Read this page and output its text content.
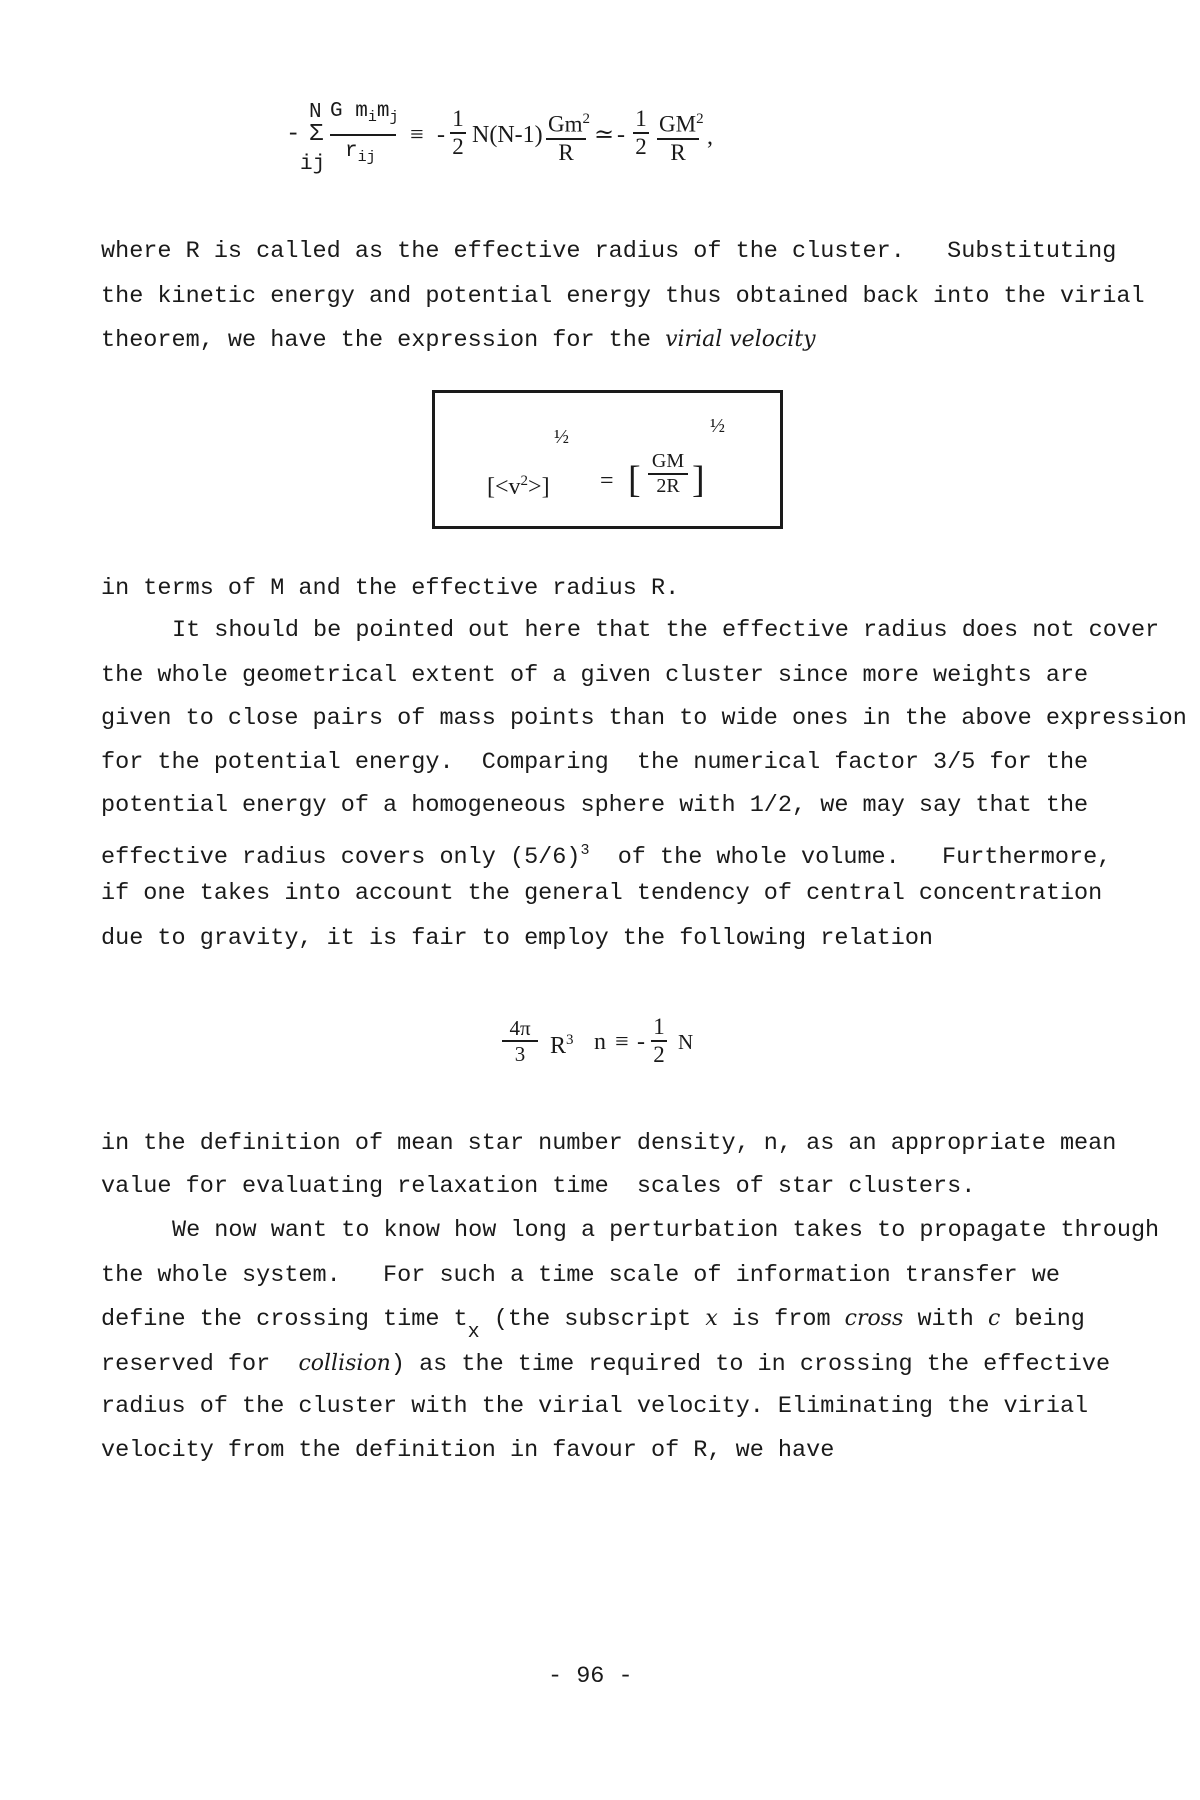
- Σ
N
ij
G $m_im_j$
$r_{ij}$
≡ - $\frac{1}{2} N(N-1) \frac{Gm^2}{R}$ ≃ - $\frac{1}{2} \frac{GM^2}{R}$ ,
where R is called as the effective radius of the cluster.   Substituting
the kinetic energy and potential energy thus obtained back into the virial
theorem, we have the expression for the virial velocity
$[<v^2>]$
½
= [ $\frac{GM}{2R}$ ]
½
in terms of M and the effective radius R.
It should be pointed out here that the effective radius does not cover
the whole geometrical extent of a given cluster since more weights are
given to close pairs of mass points than to wide ones in the above expression
for the potential energy.  Comparing  the numerical factor 3/5 for the
potential energy of a homogeneous sphere with 1/2, we may say that the
effective radius covers only $(5/6)^3$  of the whole volume.   Furthermore,
if one takes into account the general tendency of central concentration
due to gravity, it is fair to employ the following relation
$\frac{4\pi}{3} R^3$ n ≡ - $\frac{1}{2}$ N
in the definition of mean star number density, n, as an appropriate mean
value for evaluating relaxation time  scales of star clusters.
We now want to know how long a perturbation takes to propagate through
the whole system.   For such a time scale of information transfer we
define the crossing time $t_x$ (the subscript x is from cross with c being
reserved for  collision) as the time required to in crossing the effective
radius of the cluster with the virial velocity. Eliminating the virial
velocity from the definition in favour of R, we have
- 96 -
